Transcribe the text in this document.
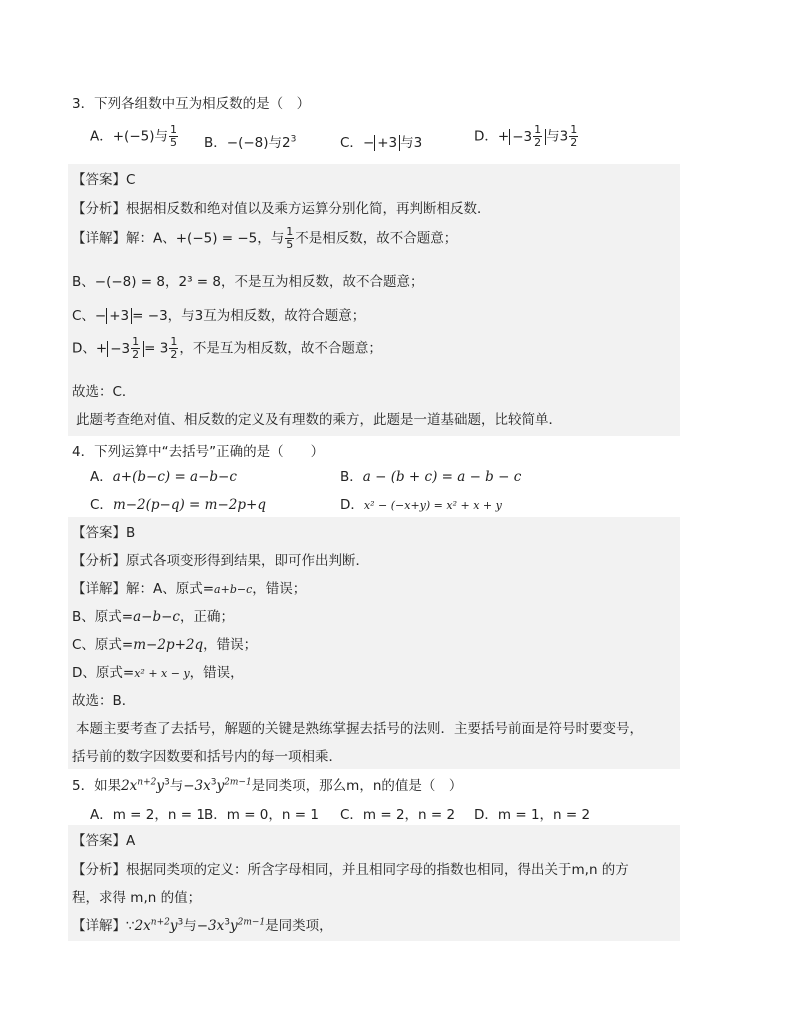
3．下列各组数中互为相反数的是（　）
A．+(−5)与 $\frac{1}{5}$ B．−(−8)与$2^3$	C．− +3 与3	D．+ $-3 \frac{1}{2}$ 与$3 \frac{1}{2}$
【答案】C
【分析】根据相反数和绝对值以及乘方运算分别化简，再判断相反数．
【详解】解：A、+(−5) = −5，与 $\frac{1}{5}$ 不是相反数，故不合题意；
B、−(−8) = 8，2³ = 8，不是互为相反数，故不合题意；
C、− +3 = −3，与3互为相反数，故符合题意；
D、+ $-3 \frac{1}{2} = 3 \frac{1}{2}$ ，不是互为相反数，故不合题意；
故选：C．
此题考查绝对值、相反数的定义及有理数的乘方，此题是一道基础题，比较简单．
4．下列运算中“去括号”正确的是（　　）
A．a+(b−c) = a−b−c	B．a − (b + c) = a − b − c
C．m−2(p−q) = m−2p+q	D．x² − (−x+y) = x² + x + y
【答案】B
【分析】原式各项变形得到结果，即可作出判断．
【详解】解：A、原式=a+b−c，错误；
B、原式=a−b−c，正确；
C、原式=m−2p+2q，错误；
D、原式=x² + x − y，错误，
故选：B．
本题主要考查了去括号，解题的关键是熟练掌握去括号的法则．主要括号前面是符号时要变号，
括号前的数字因数要和括号内的每一项相乘．
5．如果$2x^{n+2}y^3$与$-3x^3y^{2m-1}$是同类项，那么m，n的值是（　）
A．m = 2，n = 1 B．m = 0，n = 1 C．m = 2，n = 2 D．m = 1，n = 2
【答案】A
【分析】根据同类项的定义：所含字母相同，并且相同字母的指数也相同，得出关于m,n 的方
程，求得 m,n 的值；
【详解】$\because 2x^{n+2}y^3$与$-3x^3y^{2m-1}$是同类项，
